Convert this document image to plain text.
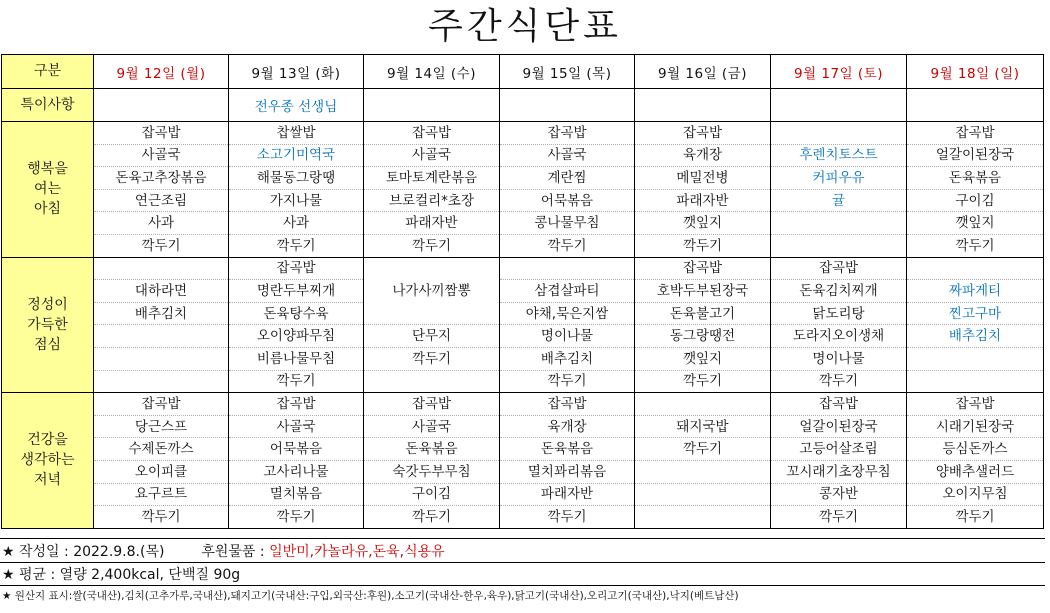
주간식단표
구분	9월 12일 (월)	9월 13일 (화)	9월 14일 (수)	9월 15일 (목)	9월 16일 (금)	9월 17일 (토)	9월 18일 (일)
특이사항		전우종 선생님					

행복을
여는
아침	잡곡밥	찹쌀밥	잡곡밥	잡곡밥	잡곡밥		잡곡밥
	사골국	소고기미역국	사골국	사골국	육개장	후렌치토스트	얼갈이된장국
	돈육고추장볶음	해물동그랑땡	토마토계란볶음	계란찜	메밀전병	커피우유	돈육볶음
	연근조림	가지나물	브로컬리*초장	어묵볶음	파래자반	귤	구이김
	사과	사과	파래자반	콩나물무침	깻잎지		깻잎지
	깍두기	깍두기	깍두기	깍두기	깍두기		깍두기

정성이
가득한
점심		잡곡밥	나가사끼짬뽕		잡곡밥	잡곡밥	
	대하라면	명란두부찌개		삼겹살파티	호박두부된장국	돈육김치찌개	짜파게티
	배추김치	돈육탕수육		야채,묵은지쌈	돈육불고기	닭도리탕	찐고구마
		오이양파무침	단무지	명이나물	동그랑땡전	도라지오이생채	배추김치
		비름나물무침	깍두기	배추김치	깻잎지	명이나물	
		깍두기		깍두기	깍두기	깍두기	

건강을
생각하는
저녁	잡곡밥	잡곡밥	잡곡밥	잡곡밥		잡곡밥	잡곡밥
	당근스프	사골국	사골국	육개장	돼지국밥	얼갈이된장국	시래기된장국
	수제돈까스	어묵볶음	돈육볶음	돈육볶음	깍두기	고등어살조림	등심돈까스
	오이피클	고사리나물	숙갓두부무침	멸치꽈리볶음		꼬시래기초장무침	양배추샐러드
	요구르트	멸치볶음	구이김	파래자반		콩자반	오이지무침
	깍두기	깍두기	깍두기	깍두기		깍두기	깍두기
★ 작성일 : 2022.9.8.(목)	후원물품 : 일반미,카놀라유,돈육,식용유
★ 평균 : 열량 2,400kcal, 단백질 90g
★ 원산지 표시:쌀(국내산),김치(고추가루,국내산),돼지고기(국내산:구입,외국산:후원),소고기(국내산-한우,육우),닭고기(국내산),오리고기(국내산),낙지(베트남산)
